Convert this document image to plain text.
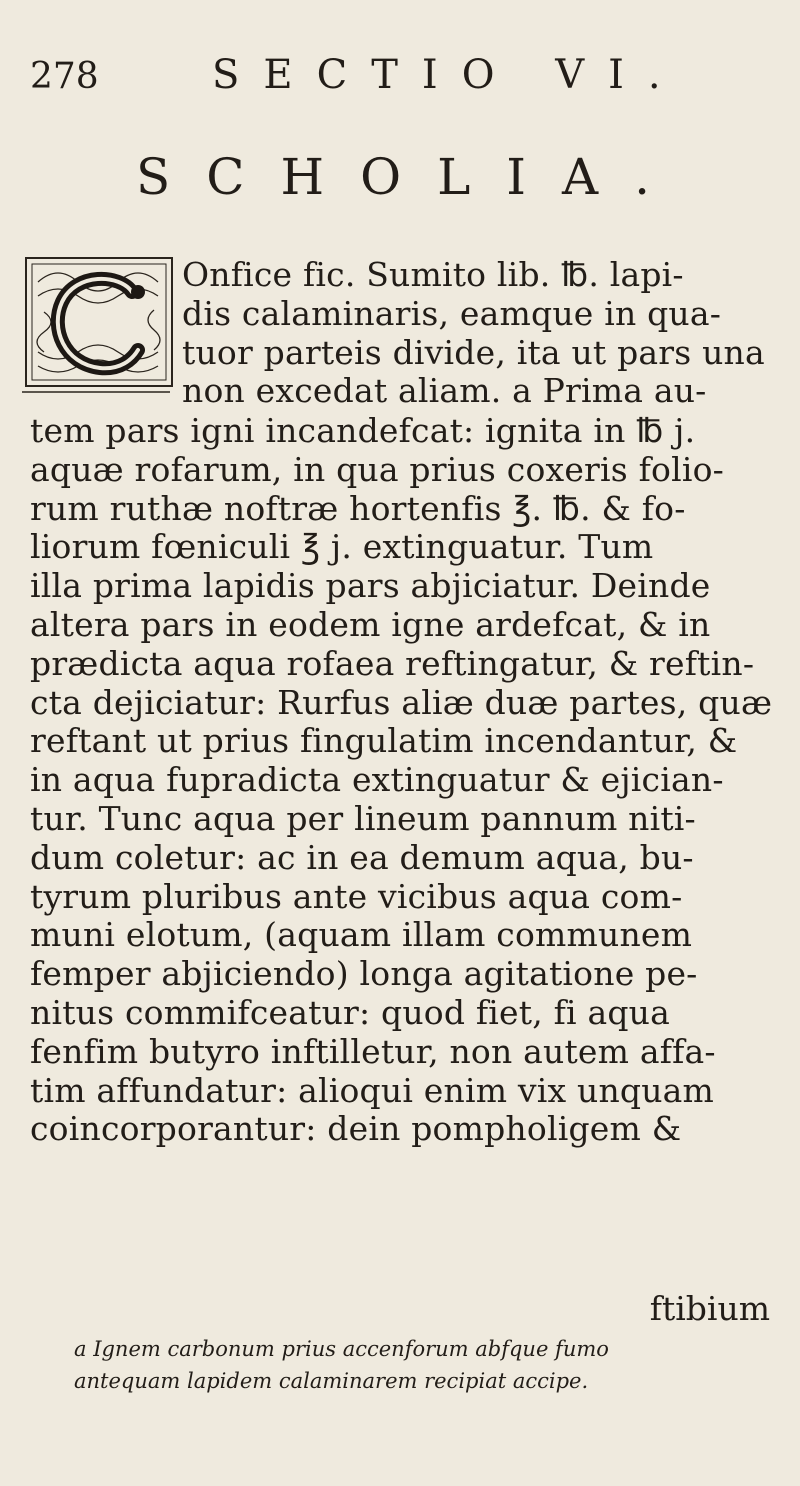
278	SECTIO VI.
SCHOLIA.
Onfice fic. Sumito lib. ℔. lapi-
dis calaminaris, eamque in qua-
tuor parteis divide, ita ut pars una
non excedat aliam. a Prima au-
tem pars igni incandefcat: ignita in ℔ j.
aquæ rofarum, in qua prius coxeris folio-
rum ruthæ noftræ hortenfis ℥. ℔. & fo-
liorum fœniculi ℥ j. extinguatur. Tum
illa prima lapidis pars abjiciatur. Deinde
altera pars in eodem igne ardefcat, & in
prædicta aqua rofaea reftingatur, & reftin-
cta dejiciatur: Rurfus aliæ duæ partes, quæ
reftant ut prius fingulatim incendantur, &
in aqua fupradicta extinguatur & ejician-
tur. Tunc aqua per lineum pannum niti-
dum coletur: ac in ea demum aqua, bu-
tyrum pluribus ante vicibus aqua com-
muni elotum, (aquam illam communem
femper abjiciendo) longa agitatione pe-
nitus commifceatur: quod fiet, fi aqua
fenfim butyro inftilletur, non autem affa-
tim affundatur: alioqui enim vix unquam
coincorporantur: dein pompholigem &
ftibium
a Ignem carbonum prius accenforum abfque fumo
antequam lapidem calaminarem recipiat accipe.
